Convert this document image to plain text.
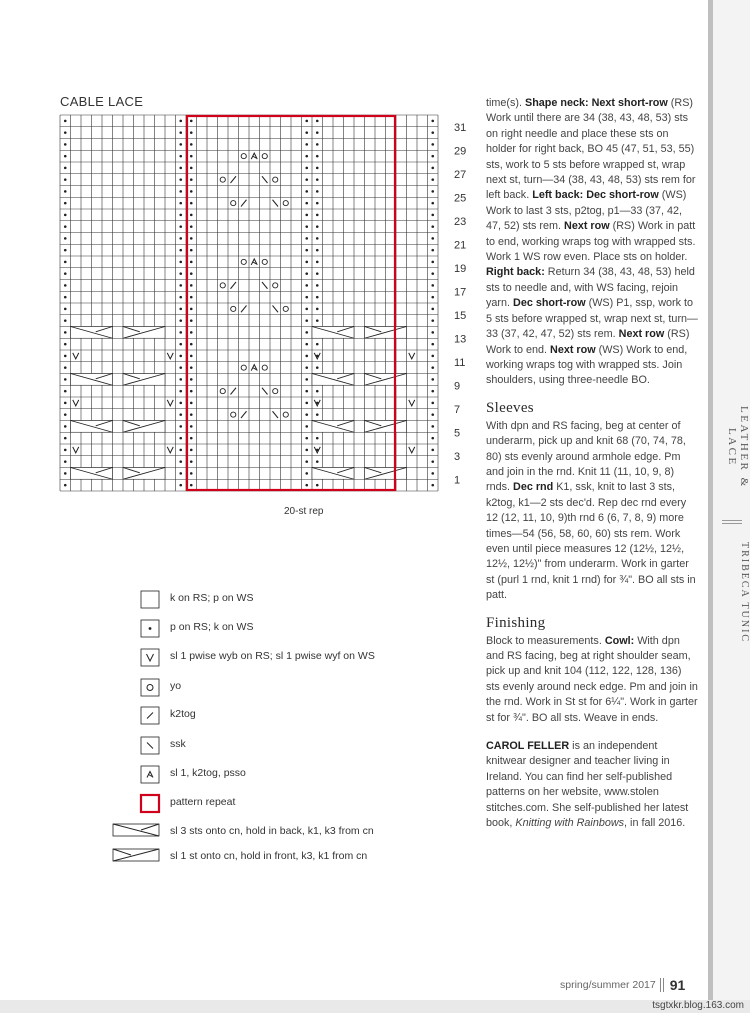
CABLE LACE
31
29
27
25
23
21
19
17
15
13
11
9
7
5
3
1
20-st rep
k on RS; p on WS
p on RS; k on WS
sl 1 pwise wyb on RS; sl 1 pwise wyf on WS
yo
k2tog
ssk
sl 1, k2tog, psso
pattern repeat
sl 3 sts onto cn, hold in back, k1, k3 from cn
sl 1 st onto cn, hold in front, k3, k1 from cn

time(s). Shape neck: Next short-row (RS) Work until there are 34 (38, 43, 48, 53) sts on right needle and place these sts on holder for right back, BO 45 (47, 51, 53, 55) sts, work to 5 sts before wrapped st, wrap next st, turn—34 (38, 43, 48, 53) sts rem for left back. Left back: Dec short-row (WS) Work to last 3 sts, p2tog, p1—33 (37, 42, 47, 52) sts rem. Next row (RS) Work in patt to end, working wraps tog with wrapped sts. Work 1 WS row even. Place sts on holder. Right back: Return 34 (38, 43, 48, 53) held sts to needle and, with WS facing, rejoin yarn. Dec short-row (WS) P1, ssp, work to 5 sts before wrapped st, wrap next st, turn—33 (37, 42, 47, 52) sts rem. Next row (RS) Work to end. Next row (WS) Work to end, working wraps tog with wrapped sts. Join shoulders, using three-needle BO.

Sleeves

With dpn and RS facing, beg at center of underarm, pick up and knit 68 (70, 74, 78, 80) sts evenly around armhole edge. Pm and join in the rnd. Knit 11 (11, 10, 9, 8) rnds. Dec rnd K1, ssk, knit to last 3 sts, k2tog, k1—2 sts dec'd. Rep dec rnd every 12 (12, 11, 10, 9)th rnd 6 (6, 7, 8, 9) more times—54 (56, 58, 60, 60) sts rem. Work even until piece measures 12 (12½, 12½, 12½, 12½)" from underarm. Work in garter st (purl 1 rnd, knit 1 rnd) for ¾". BO all sts in patt.

Finishing

Block to measurements. Cowl: With dpn and RS facing, beg at right shoulder seam, pick up and knit 104 (112, 122, 128, 136) sts evenly around neck edge. Pm and join in the rnd. Work in St st for 6¼". Work in garter st for ¾". BO all sts. Weave in ends.

CAROL FELLER is an independent knitwear designer and teacher living in Ireland. You can find her self-published patterns on her website, www.stolen stitches.com. She self-published her latest book, Knitting with Rainbows, in fall 2016.

spring/summer 2017 91
LEATHER & LACE
TRIBECA TUNIC
tsgtxkr.blog.163.com
